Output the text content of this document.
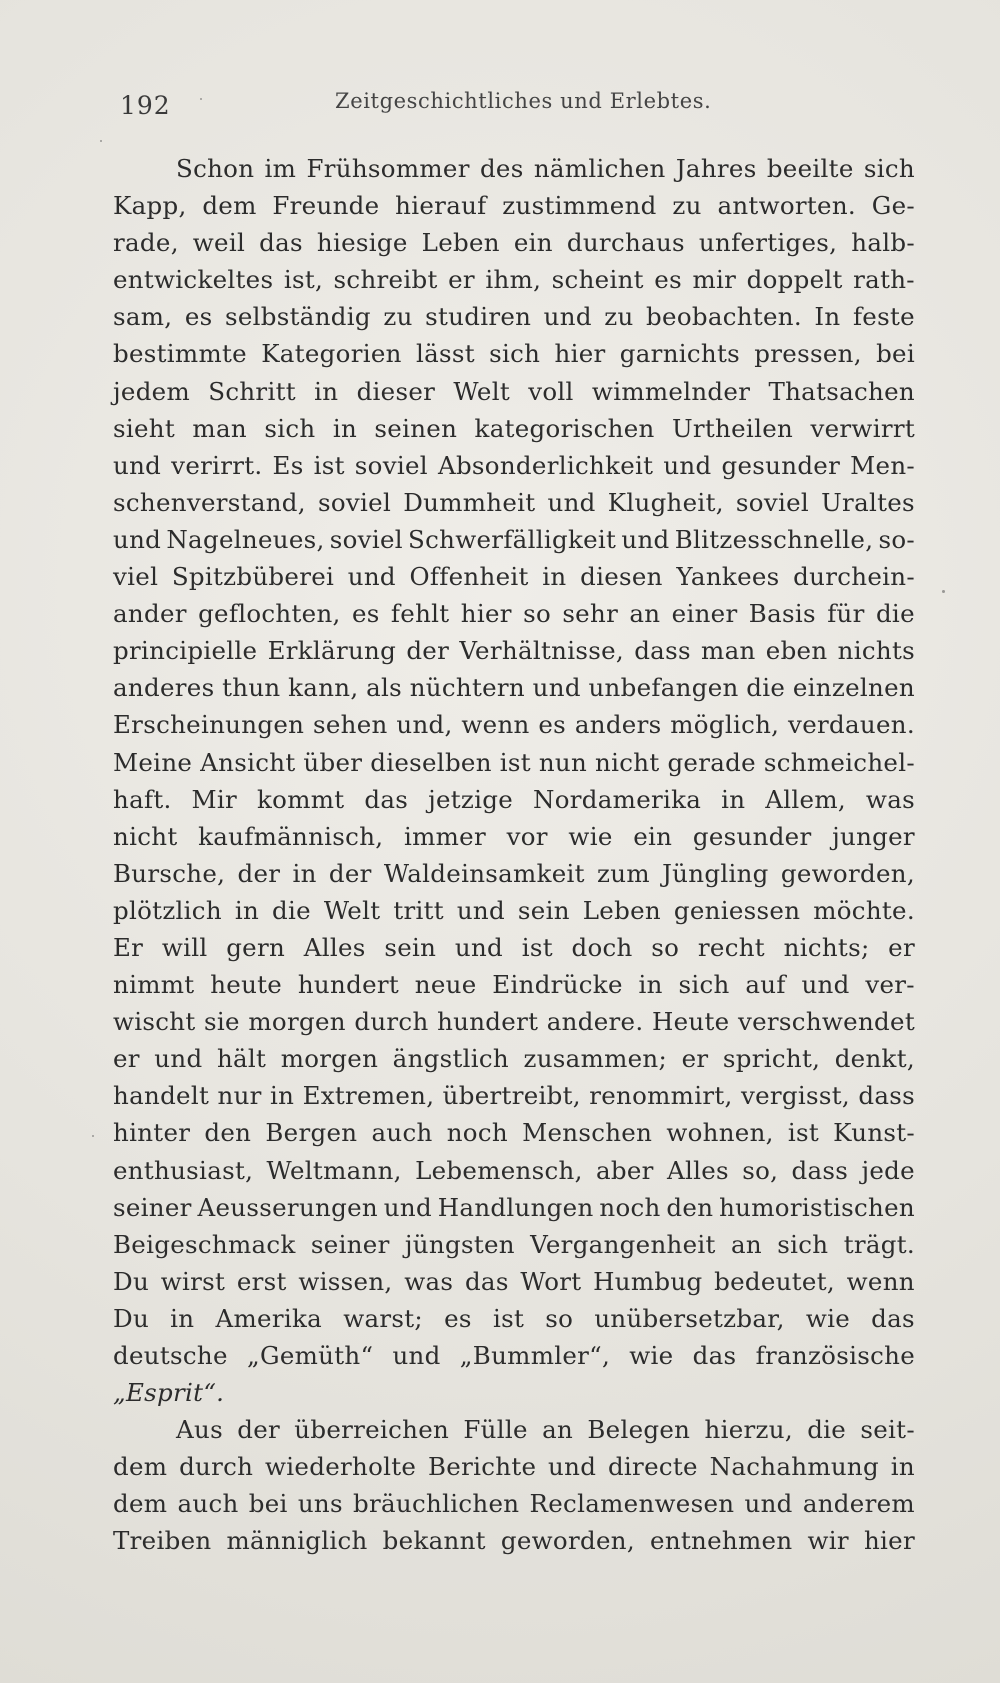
192	Zeitgeschichtliches und Erlebtes.
Schon im Frühsommer des nämlichen Jahres beeilte sich
Kapp, dem Freunde hierauf zustimmend zu antworten. Ge-
rade, weil das hiesige Leben ein durchaus unfertiges, halb-
entwickeltes ist, schreibt er ihm, scheint es mir doppelt rath-
sam, es selbständig zu studiren und zu beobachten. In feste
bestimmte Kategorien lässt sich hier garnichts pressen, bei
jedem Schritt in dieser Welt voll wimmelnder Thatsachen
sieht man sich in seinen kategorischen Urtheilen verwirrt
und verirrt. Es ist soviel Absonderlichkeit und gesunder Men-
schenverstand, soviel Dummheit und Klugheit, soviel Uraltes
und Nagelneues, soviel Schwerfälligkeit und Blitzesschnelle, so-
viel Spitzbüberei und Offenheit in diesen Yankees durchein-
ander geflochten, es fehlt hier so sehr an einer Basis für die
principielle Erklärung der Verhältnisse, dass man eben nichts
anderes thun kann, als nüchtern und unbefangen die einzelnen
Erscheinungen sehen und, wenn es anders möglich, verdauen.
Meine Ansicht über dieselben ist nun nicht gerade schmeichel-
haft. Mir kommt das jetzige Nordamerika in Allem, was
nicht kaufmännisch, immer vor wie ein gesunder junger
Bursche, der in der Waldeinsamkeit zum Jüngling geworden,
plötzlich in die Welt tritt und sein Leben geniessen möchte.
Er will gern Alles sein und ist doch so recht nichts; er
nimmt heute hundert neue Eindrücke in sich auf und ver-
wischt sie morgen durch hundert andere. Heute verschwendet
er und hält morgen ängstlich zusammen; er spricht, denkt,
handelt nur in Extremen, übertreibt, renommirt, vergisst, dass
hinter den Bergen auch noch Menschen wohnen, ist Kunst-
enthusiast, Weltmann, Lebemensch, aber Alles so, dass jede
seiner Aeusserungen und Handlungen noch den humoristischen
Beigeschmack seiner jüngsten Vergangenheit an sich trägt.
Du wirst erst wissen, was das Wort Humbug bedeutet, wenn
Du in Amerika warst; es ist so unübersetzbar, wie das
deutsche „Gemüth“ und „Bummler“, wie das französische
„Esprit“.
Aus der überreichen Fülle an Belegen hierzu, die seit-
dem durch wiederholte Berichte und directe Nachahmung in
dem auch bei uns bräuchlichen Reclamenwesen und anderem
Treiben männiglich bekannt geworden, entnehmen wir hier
